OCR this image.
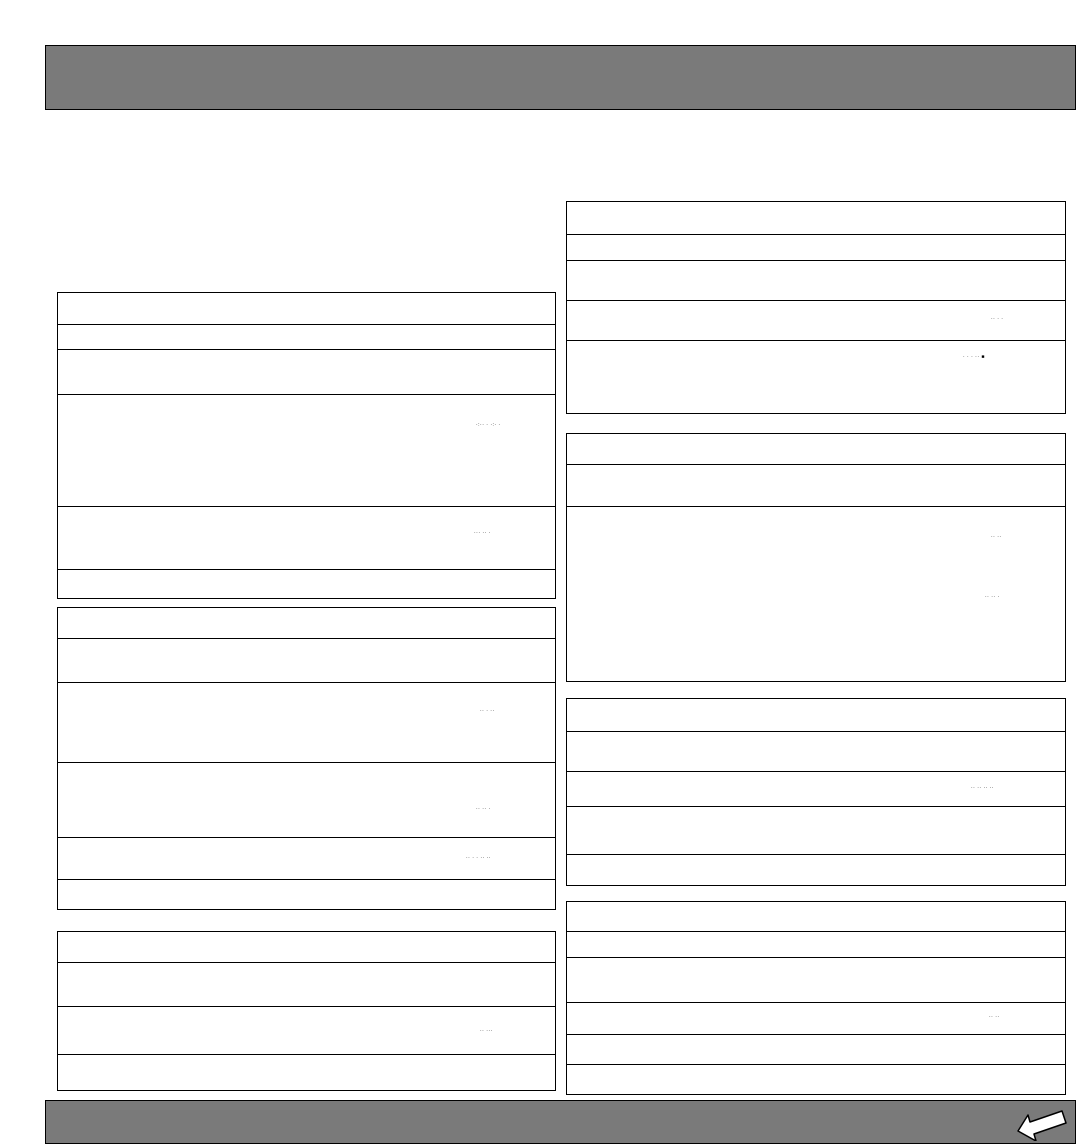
·:·· · ·:· ·
··· ·· ·
·· · ··
·· ·· ·
·· · · ·· ··
·· ···
·· · ·
· · · ·· ■
·· ··
·· ·· ·
·· ·· ·· ··
·· ··
